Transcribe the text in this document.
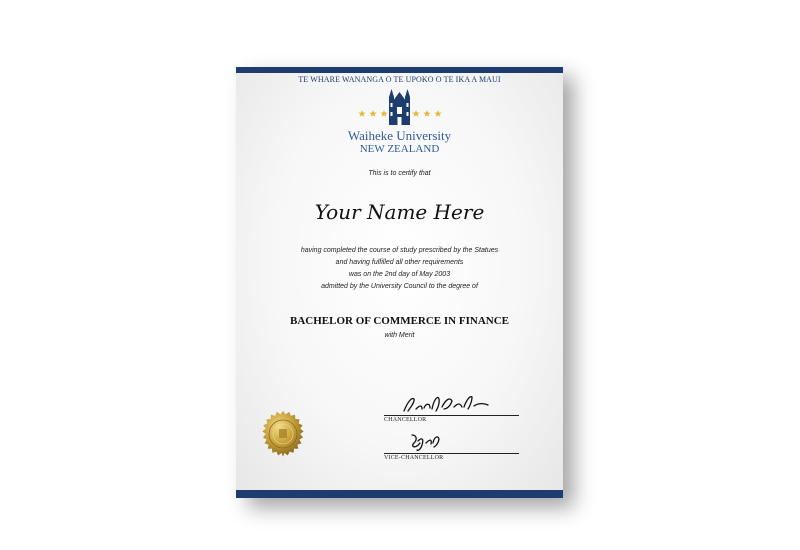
TE WHARE WANANGA O TE UPOKO O TE IKA A MAUI
Waiheke University
NEW ZEALAND
This is to certify that
Your Name Here
having completed the course of study prescribed by the Statues
and having fulfilled all other requirements
was on the 2nd day of May 2003
admitted by the University Council to the degree of
BACHELOR OF COMMERCE IN FINANCE
with Merit
CHANCELLOR
VICE-CHANCELLOR
